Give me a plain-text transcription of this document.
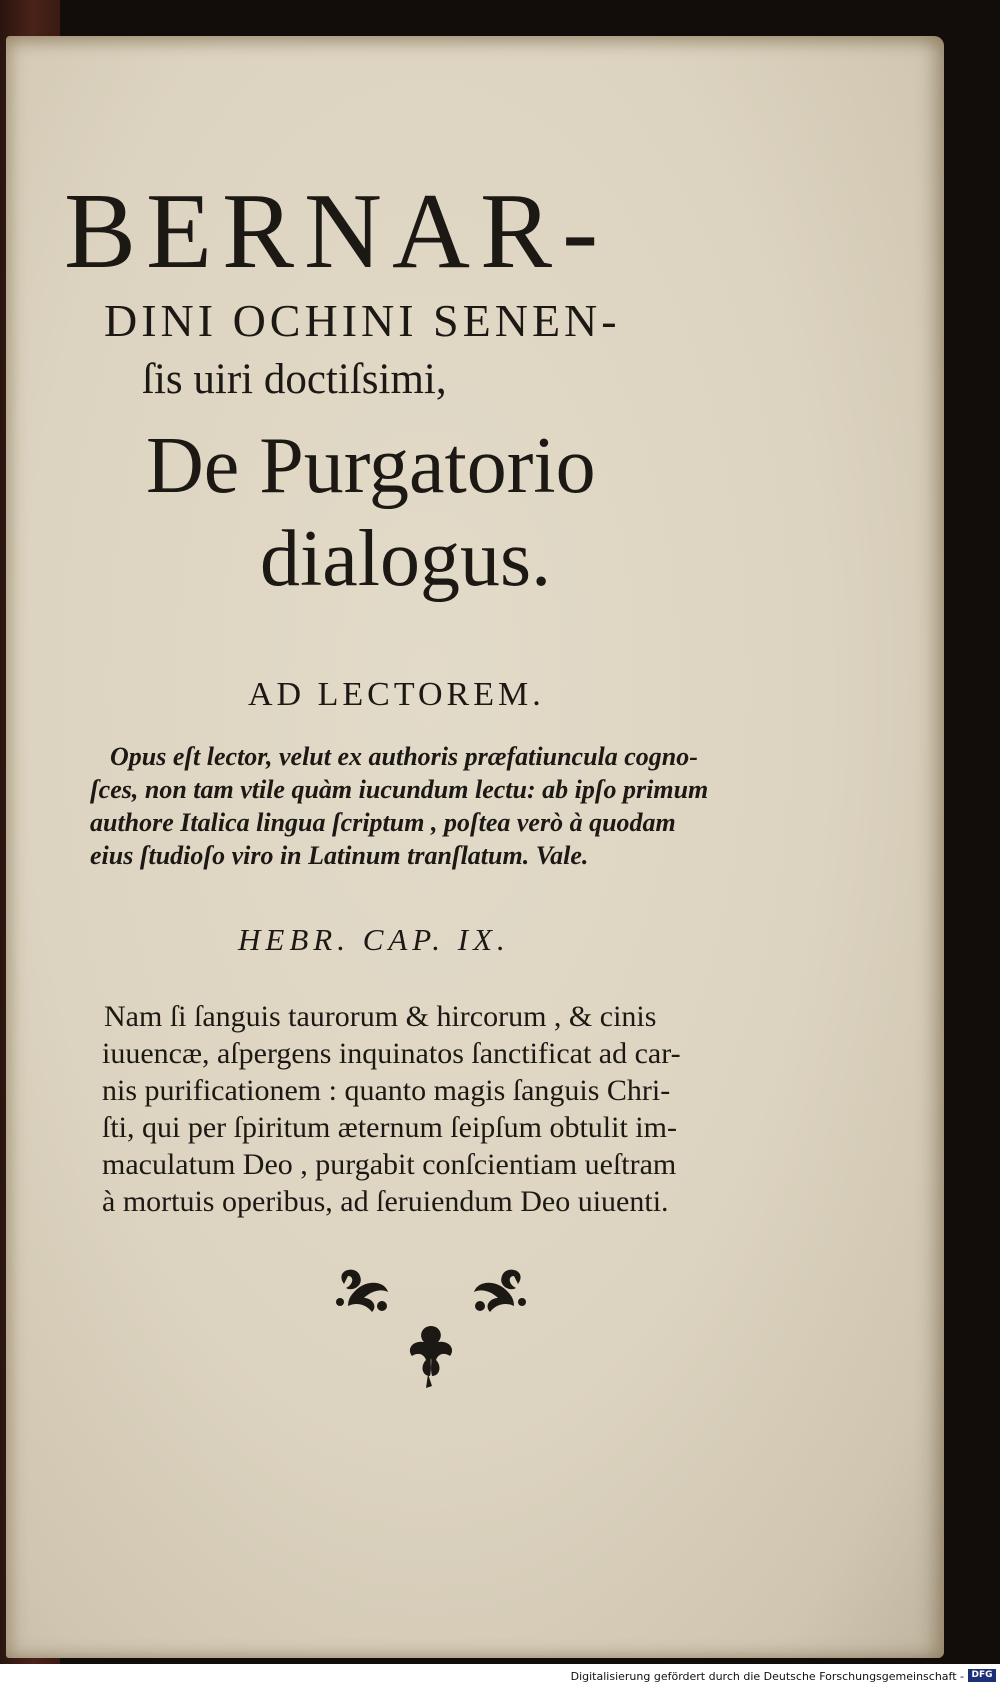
BERNAR-

DINI OCHINI SENEN-

ſis uiri doctiſsimi,

De Purgatorio

dialogus.

AD LECTOREM.

Opus eſt lector, velut ex authoris præfatiuncula cogno-

ſces, non tam vtile quàm iucundum lectu: ab ipſo primum

authore Italica lingua ſcriptum , poſtea verò à quodam

eius ſtudioſo viro in Latinum tranſlatum. Vale.

HEBR. CAP. IX.

Nam ſi ſanguis taurorum & hircorum , & cinis

iuuencæ, aſpergens inquinatos ſanctificat ad car-

nis purificationem : quanto magis ſanguis Chri-

ſti, qui per ſpiritum æternum ſeipſum obtulit im-

maculatum Deo , purgabit conſcientiam ueſtram

à mortuis operibus, ad ſeruiendum Deo uiuenti.

Digitalisierung gefördert durch die Deutsche Forschungsgemeinschaft - DFG
